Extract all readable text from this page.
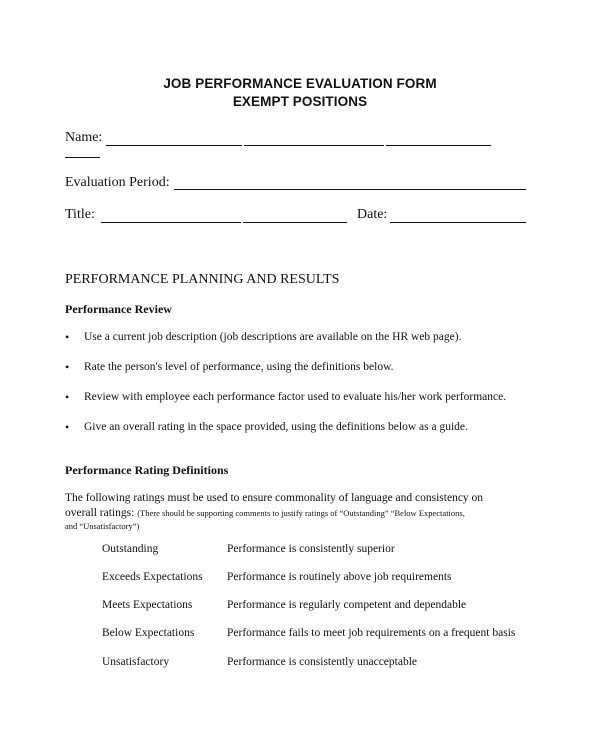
JOB PERFORMANCE EVALUATION FORM
EXEMPT POSITIONS
Name:
Evaluation Period:
Title:	Date:
PERFORMANCE PLANNING AND RESULTS
Performance Review
• Use a current job description (job descriptions are available on the HR web page).
• Rate the person's level of performance, using the definitions below.
• Review with employee each performance factor used to evaluate his/her work performance.
• Give an overall rating in the space provided, using the definitions below as a guide.
Performance Rating Definitions
The following ratings must be used to ensure commonality of language and consistency on
overall ratings: (There should be supporting comments to justify ratings of “Outstanding” “Below Expectations,
and “Unsatisfactory”)
Outstanding	Performance is consistently superior
Exceeds Expectations Performance is routinely above job requirements
Meets Expectations	Performance is regularly competent and dependable
Below Expectations	Performance fails to meet job requirements on a frequent basis
Unsatisfactory	Performance is consistently unacceptable
